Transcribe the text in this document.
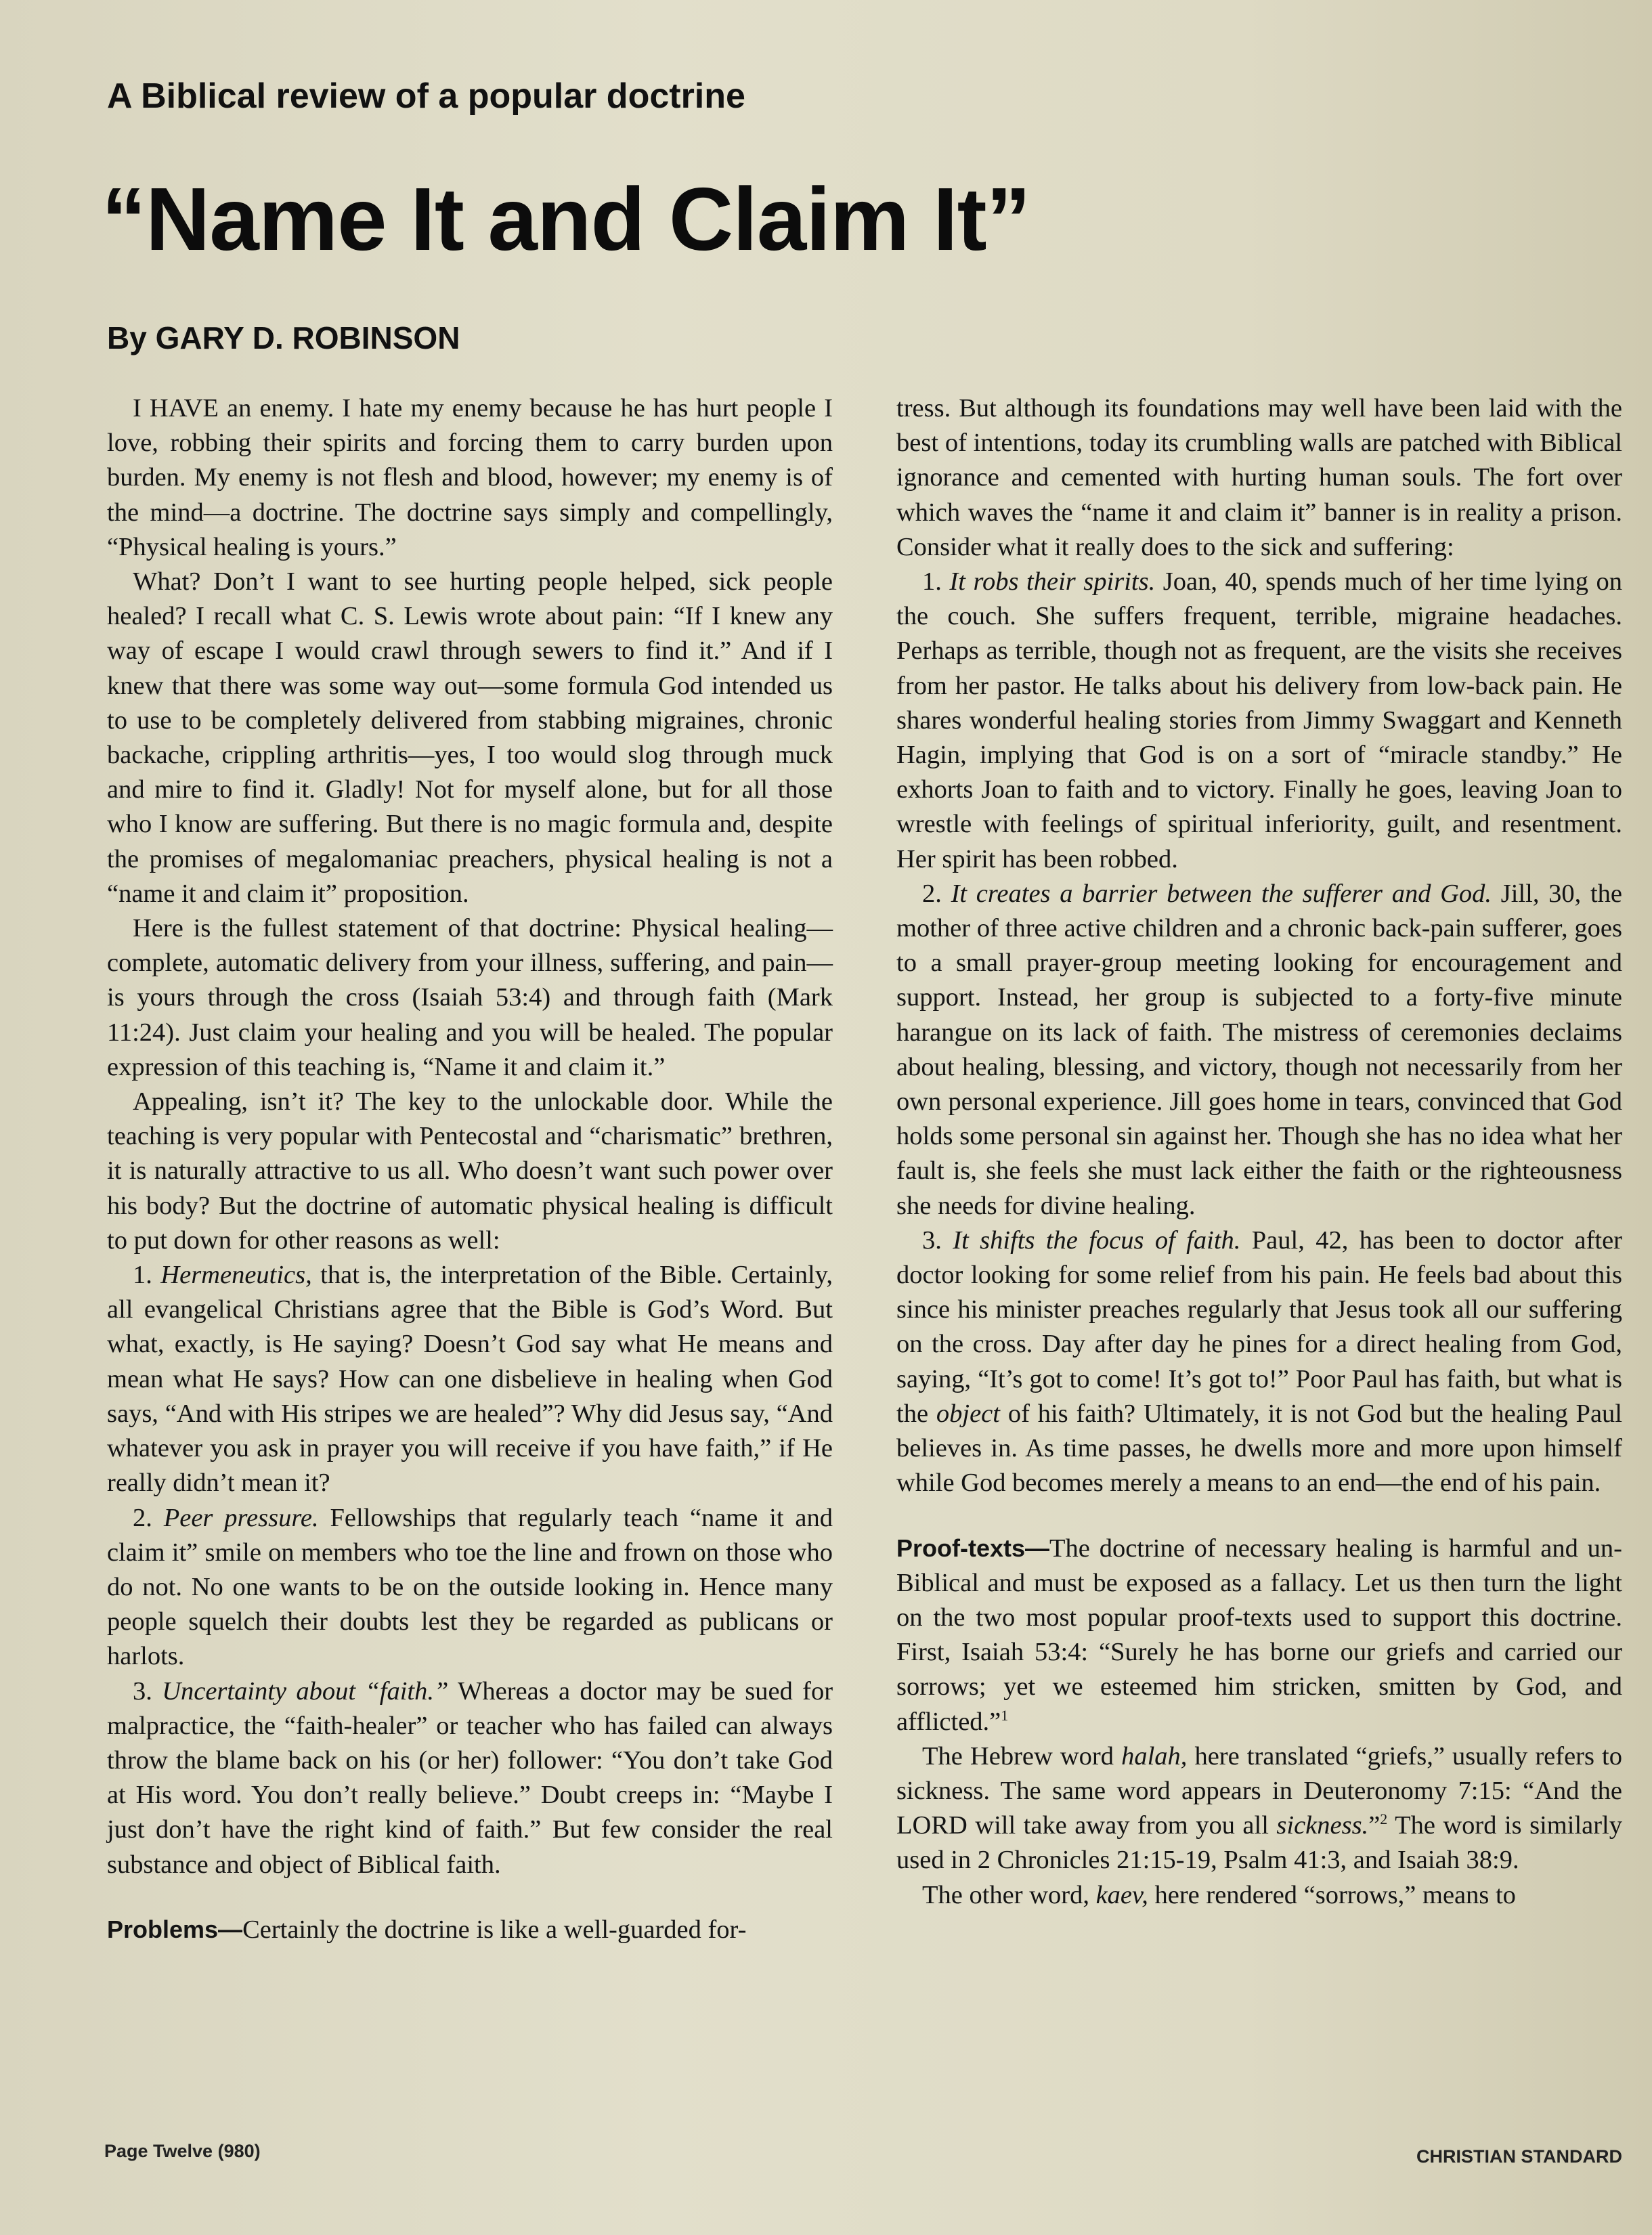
A Biblical review of a popular doctrine
“Name It and Claim It”
By GARY D. ROBINSON

I HAVE an enemy. I hate my enemy because he has hurt people I love, robbing their spirits and forcing them to carry burden upon burden. My enemy is not flesh and blood, however; my enemy is of the mind—a doctrine. The doctrine says simply and compellingly, “Physical healing is yours.”

What? Don’t I want to see hurting people helped, sick people healed? I recall what C. S. Lewis wrote about pain: “If I knew any way of escape I would crawl through sewers to find it.” And if I knew that there was some way out—some formula God intended us to use to be completely delivered from stabbing migraines, chronic backache, crippling arthritis—yes, I too would slog through muck and mire to find it. Gladly! Not for myself alone, but for all those who I know are suffering. But there is no magic formula and, despite the promises of megalomaniac preachers, physical healing is not a “name it and claim it” proposition.

Here is the fullest statement of that doctrine: Physical healing—complete, automatic delivery from your illness, suffering, and pain—is yours through the cross (Isaiah 53:4) and through faith (Mark 11:24). Just claim your healing and you will be healed. The popular expression of this teaching is, “Name it and claim it.”

Appealing, isn’t it? The key to the unlockable door. While the teaching is very popular with Pentecostal and “charismatic” brethren, it is naturally attractive to us all. Who doesn’t want such power over his body? But the doctrine of automatic physical healing is difficult to put down for other reasons as well:

1. Hermeneutics, that is, the interpretation of the Bible. Certainly, all evangelical Christians agree that the Bible is God’s Word. But what, exactly, is He saying? Doesn’t God say what He means and mean what He says? How can one disbelieve in healing when God says, “And with His stripes we are healed”? Why did Jesus say, “And whatever you ask in prayer you will receive if you have faith,” if He really didn’t mean it?

2. Peer pressure. Fellowships that regularly teach “name it and claim it” smile on members who toe the line and frown on those who do not. No one wants to be on the outside looking in. Hence many people squelch their doubts lest they be regarded as publicans or harlots.

3. Uncertainty about “faith.” Whereas a doctor may be sued for malpractice, the “faith-healer” or teacher who has failed can always throw the blame back on his (or her) follower: “You don’t take God at His word. You don’t really believe.” Doubt creeps in: “Maybe I just don’t have the right kind of faith.” But few consider the real substance and object of Biblical faith.

Problems—Certainly the doctrine is like a well-guarded for-

tress. But although its foundations may well have been laid with the best of intentions, today its crumbling walls are patched with Biblical ignorance and cemented with hurting human souls. The fort over which waves the “name it and claim it” banner is in reality a prison. Consider what it really does to the sick and suffering:

1. It robs their spirits. Joan, 40, spends much of her time lying on the couch. She suffers frequent, terrible, migraine headaches. Perhaps as terrible, though not as frequent, are the visits she receives from her pastor. He talks about his delivery from low-back pain. He shares wonderful healing stories from Jimmy Swaggart and Kenneth Hagin, implying that God is on a sort of “miracle standby.” He exhorts Joan to faith and to victory. Finally he goes, leaving Joan to wrestle with feelings of spiritual inferiority, guilt, and resentment. Her spirit has been robbed.

2. It creates a barrier between the sufferer and God. Jill, 30, the mother of three active children and a chronic back-pain sufferer, goes to a small prayer-group meeting looking for encouragement and support. Instead, her group is subjected to a forty-five minute harangue on its lack of faith. The mistress of ceremonies declaims about healing, blessing, and victory, though not necessarily from her own personal experience. Jill goes home in tears, convinced that God holds some personal sin against her. Though she has no idea what her fault is, she feels she must lack either the faith or the righteousness she needs for divine healing.

3. It shifts the focus of faith. Paul, 42, has been to doctor after doctor looking for some relief from his pain. He feels bad about this since his minister preaches regularly that Jesus took all our suffering on the cross. Day after day he pines for a direct healing from God, saying, “It’s got to come! It’s got to!” Poor Paul has faith, but what is the object of his faith? Ultimately, it is not God but the healing Paul believes in. As time passes, he dwells more and more upon himself while God becomes merely a means to an end—the end of his pain.

Proof-texts—The doctrine of necessary healing is harmful and un-Biblical and must be exposed as a fallacy. Let us then turn the light on the two most popular proof-texts used to support this doctrine. First, Isaiah 53:4: “Surely he has borne our griefs and carried our sorrows; yet we esteemed him stricken, smitten by God, and afflicted.”$^1$

The Hebrew word halah, here translated “griefs,” usually refers to sickness. The same word appears in Deuteronomy 7:15: “And the LORD will take away from you all sickness.”$^2$ The word is similarly used in 2 Chronicles 21:15-19, Psalm 41:3, and Isaiah 38:9.

The other word, kaev, here rendered “sorrows,” means to

Page Twelve (980)	CHRISTIAN STANDARD
